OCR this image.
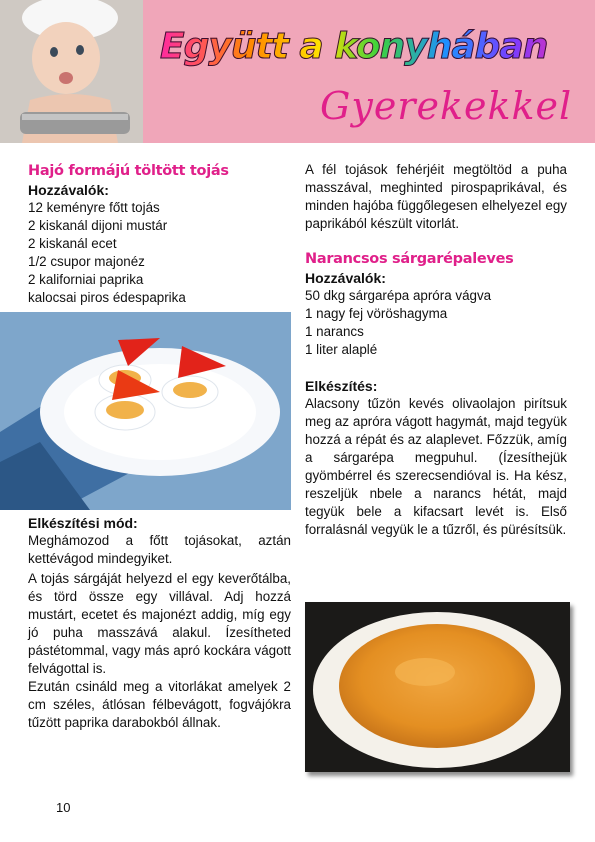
Együtt a konyhában
Gyerekekkel
Hajó formájú töltött tojás
Hozzávalók:
12 keményre főtt tojás
2 kiskanál dijoni mustár
2 kiskanál ecet
1/2 csupor majonéz
2 kaliforniai paprika
kalocsai piros édespaprika
Elkészítési mód:
Meghámozod a főtt tojásokat, aztán kettévágod mindegyiket.
A tojás sárgáját helyezd el egy keverőtálba, és törd össze egy villával. Adj hozzá mustárt, ecetet és majonézt addig, míg egy jó puha masszává alakul. Ízesítheted pástétommal, vagy más apró kockára vágott felvágottal is.
Ezután csináld meg a vitorlákat amelyek 2 cm széles, átlósan félbevágott, fogvájókra tűzött paprika darabokból állnak.
A fél tojások fehérjéit megtöltöd a puha masszával, meghinted pirospaprikával, és minden hajóba függőlegesen elhelyezel egy paprikából készült vitorlát.
Narancsos sárgarépaleves
Hozzávalók:
50 dkg sárgarépa apróra vágva
1 nagy fej vöröshagyma
1 narancs
1 liter alaplé
Elkészítés:
Alacsony tűzön kevés olivaolajon pirítsuk meg az apróra vágott hagymát, majd tegyük hozzá a répát és az alaplevet. Főzzük, amíg a sárgarépa megpuhul. (Ízesíthejük gyömbérrel és szerecsendióval is. Ha kész, reszeljük nbele a narancs hétát, majd tegyük bele a kifacsart levét is. Első forralásnál vegyük le a tűzről, és pürésítsük.
10
